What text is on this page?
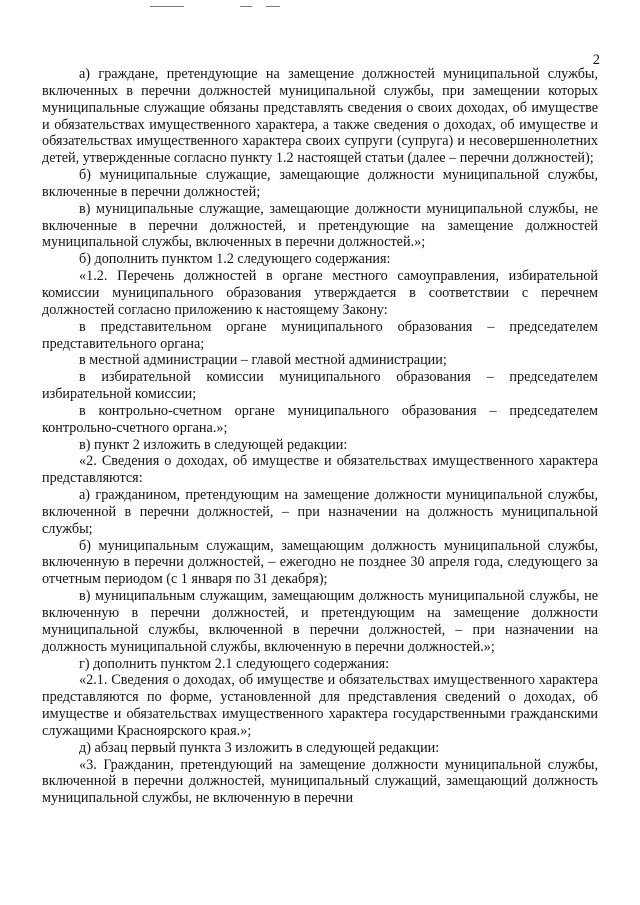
2

а) граждане, претендующие на замещение должностей муниципальной службы, включенных в перечни должностей муниципальной службы, при замещении которых муниципальные служащие обязаны представлять сведения о своих доходах, об имуществе и обязательствах имущественного характера, а также сведения о доходах, об имуществе и обязательствах имущественного характера своих супруги (супруга) и несовершеннолетних детей, утвержденные согласно пункту 1.2 настоящей статьи (далее – перечни должностей);

б) муниципальные служащие, замещающие должности муниципальной службы, включенные в перечни должностей;

в) муниципальные служащие, замещающие должности муниципальной службы, не включенные в перечни должностей, и претендующие на замещение должностей муниципальной службы, включенных в перечни должностей.»;

б) дополнить пунктом 1.2 следующего содержания:

«1.2. Перечень должностей в органе местного самоуправления, избирательной комиссии муниципального образования утверждается в соответствии с перечнем должностей согласно приложению к настоящему Закону:

в представительном органе муниципального образования – председателем представительного органа;

в местной администрации – главой местной администрации;

в избирательной комиссии муниципального образования – председателем избирательной комиссии;

в контрольно-счетном органе муниципального образования – председателем контрольно-счетного органа.»;

в) пункт 2 изложить в следующей редакции:

«2. Сведения о доходах, об имуществе и обязательствах имущественного характера представляются:

а) гражданином, претендующим на замещение должности муниципальной службы, включенной в перечни должностей, – при назначении на должность муниципальной службы;

б) муниципальным служащим, замещающим должность муниципальной службы, включенную в перечни должностей, – ежегодно не позднее 30 апреля года, следующего за отчетным периодом (с 1 января по 31 декабря);

в) муниципальным служащим, замещающим должность муниципальной службы, не включенную в перечни должностей, и претендующим на замещение должности муниципальной службы, включенной в перечни должностей, – при назначении на должность муниципальной службы, включенную в перечни должностей.»;

г) дополнить пунктом 2.1 следующего содержания:

«2.1. Сведения о доходах, об имуществе и обязательствах имущественного характера представляются по форме, установленной для представления сведений о доходах, об имуществе и обязательствах имущественного характера государственными гражданскими служащими Красноярского края.»;

д) абзац первый пункта 3 изложить в следующей редакции:

«3. Гражданин, претендующий на замещение должности муниципальной службы, включенной в перечни должностей, муниципальный служащий, замещающий должность муниципальной службы, не включенную в перечни
